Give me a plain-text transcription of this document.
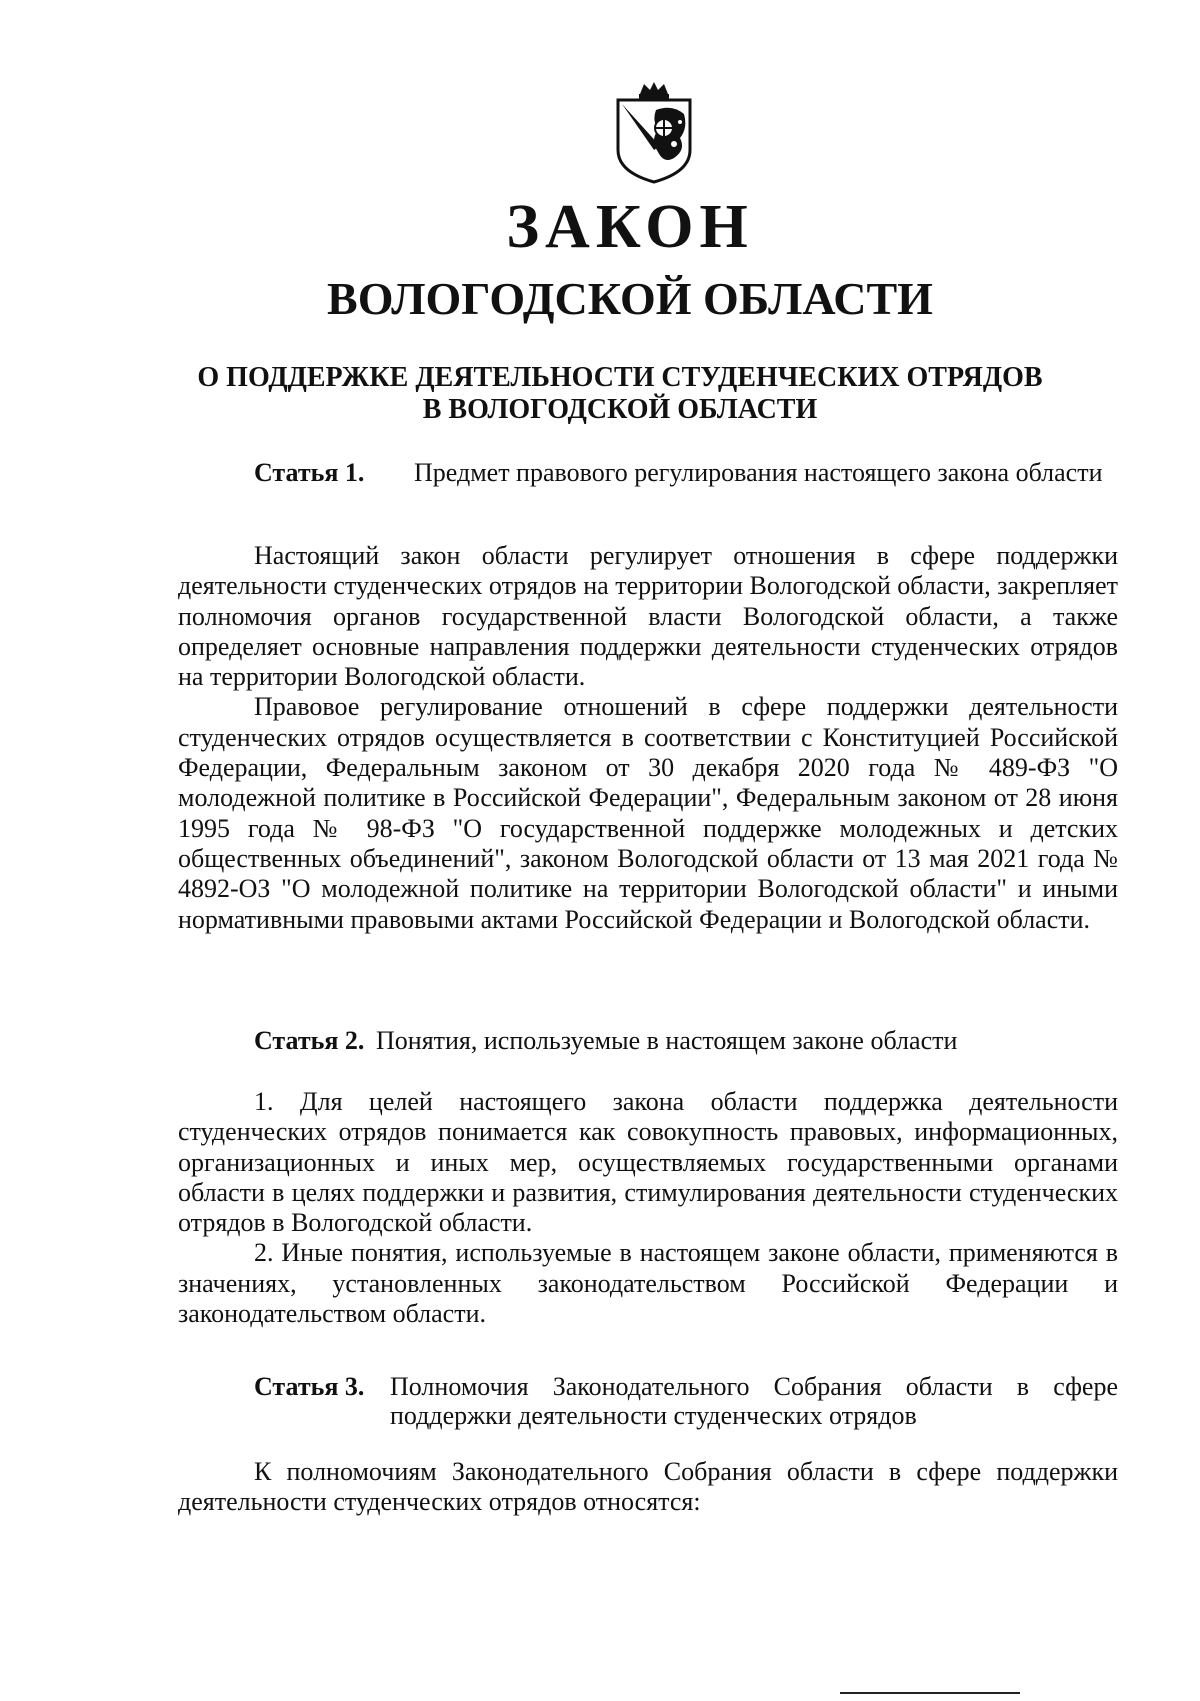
ЗАКОН
ВОЛОГОДСКОЙ ОБЛАСТИ
О ПОДДЕРЖКЕ ДЕЯТЕЛЬНОСТИ СТУДЕНЧЕСКИХ ОТРЯДОВ
В ВОЛОГОДСКОЙ ОБЛАСТИ
Статья 1. Предмет правового регулирования настоящего закона области

Настоящий закон области регулирует отношения в сфере поддержки деятельности студенческих отрядов на территории Вологодской области, закрепляет полномочия органов государственной власти Вологодской области, а также определяет основные направления поддержки деятельности студенческих отрядов на территории Вологодской области.

Правовое регулирование отношений в сфере поддержки деятельности студенческих отрядов осуществляется в соответствии с Конституцией Российской Федерации, Федеральным законом от 30 декабря 2020 года № 489-ФЗ "О молодежной политике в Российской Федерации", Федеральным законом от 28 июня 1995 года № 98-ФЗ "О государственной поддержке молодежных и детских общественных объединений", законом Вологодской области от 13 мая 2021 года № 4892-ОЗ "О молодежной политике на территории Вологодской области" и иными нормативными правовыми актами Российской Федерации и Вологодской области.

Статья 2. Понятия, используемые в настоящем законе области

1. Для целей настоящего закона области поддержка деятельности студенческих отрядов понимается как совокупность правовых, информационных, организационных и иных мер, осуществляемых государственными органами области в целях поддержки и развития, стимулирования деятельности студенческих отрядов в Вологодской области.

2. Иные понятия, используемые в настоящем законе области, применяются в значениях, установленных законодательством Российской Федерации и законодательством области.

Статья 3. Полномочия Законодательного Собрания области в сфере поддержки деятельности студенческих отрядов

К полномочиям Законодательного Собрания области в сфере поддержки деятельности студенческих отрядов относятся:
